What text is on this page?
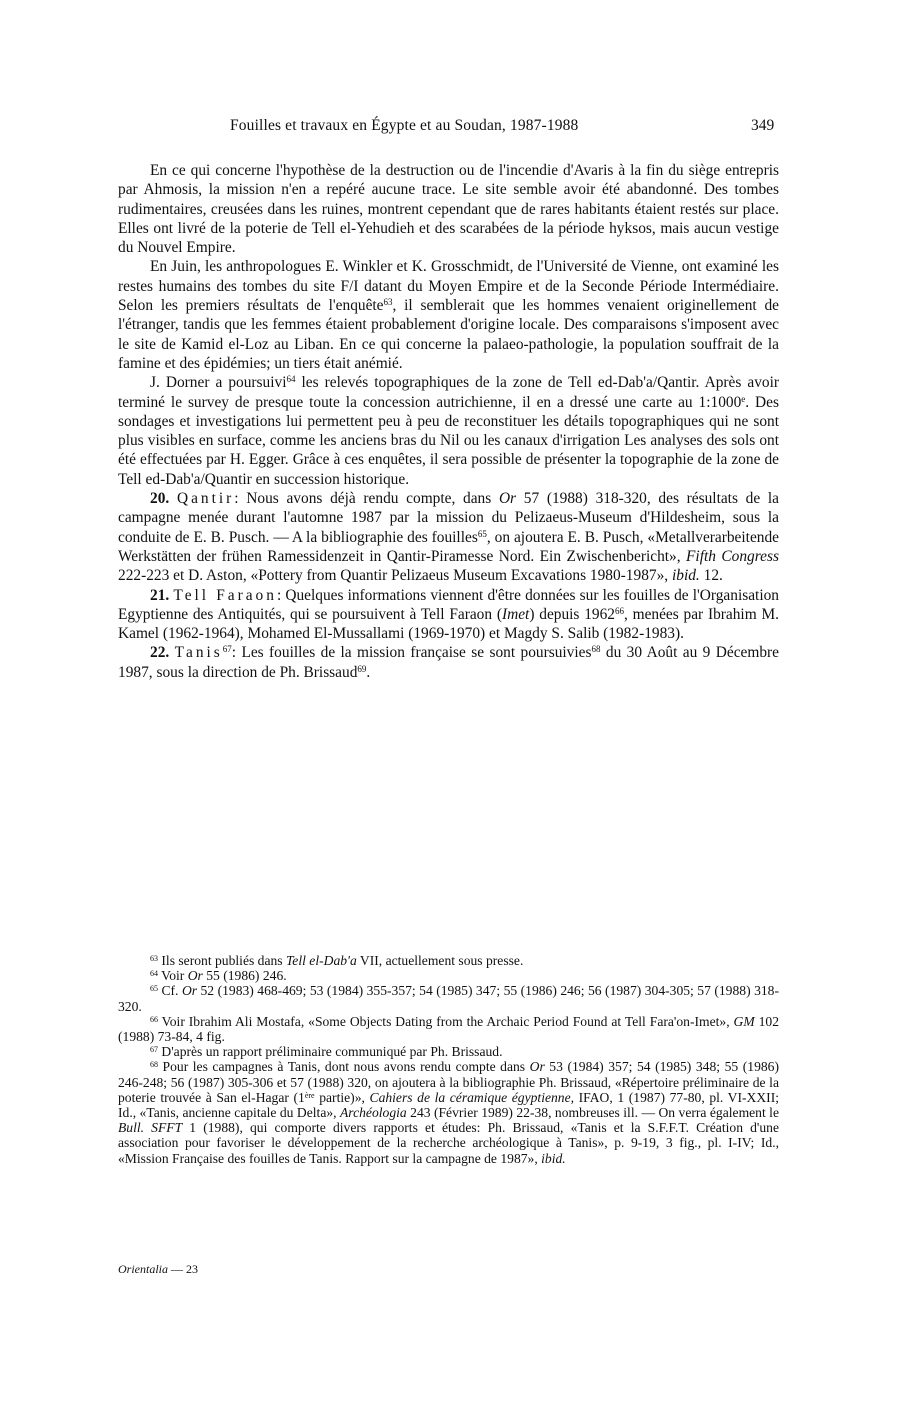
Fouilles et travaux en Égypte et au Soudan, 1987-1988	349

En ce qui concerne l'hypothèse de la destruction ou de l'incendie d'Avaris à la fin du siège entrepris par Ahmosis, la mission n'en a repéré aucune trace. Le site semble avoir été abandonné. Des tombes rudimentaires, creusées dans les ruines, montrent cependant que de rares habitants étaient restés sur place. Elles ont livré de la poterie de Tell el-Yehudieh et des scarabées de la période hyksos, mais aucun vestige du Nouvel Empire.

En Juin, les anthropologues E. Winkler et K. Grosschmidt, de l'Université de Vienne, ont examiné les restes humains des tombes du site F/I datant du Moyen Empire et de la Seconde Période Intermédiaire. Selon les premiers résultats de l'enquête$^{63}$, il semblerait que les hommes venaient originellement de l'étranger, tandis que les femmes étaient probablement d'origine locale. Des comparaisons s'imposent avec le site de Kamid el-Loz au Liban. En ce qui concerne la palaeo-pathologie, la population souffrait de la famine et des épidémies; un tiers était anémié.

J. Dorner a poursuivi$^{64}$ les relevés topographiques de la zone de Tell ed-Dab'a/Qantir. Après avoir terminé le survey de presque toute la concession autrichienne, il en a dressé une carte au 1:1000e. Des sondages et investigations lui permettent peu à peu de reconstituer les détails topographiques qui ne sont plus visibles en surface, comme les anciens bras du Nil ou les canaux d'irrigation Les analyses des sols ont été effectuées par H. Egger. Grâce à ces enquêtes, il sera possible de présenter la topographie de la zone de Tell ed-Dab'a/Quantir en succession historique.

20. Qantir: Nous avons déjà rendu compte, dans Or 57 (1988) 318-320, des résultats de la campagne menée durant l'automne 1987 par la mission du Pelizaeus-Museum d'Hildesheim, sous la conduite de E. B. Pusch. — A la bibliographie des fouilles$^{65}$, on ajoutera E. B. Pusch, «Metallverarbeitende Werkstätten der frühen Ramessidenzeit in Qantir-Piramesse Nord. Ein Zwischenbericht», Fifth Congress 222-223 et D. Aston, «Pottery from Quantir Pelizaeus Museum Excavations 1980-1987», ibid. 12.

21. Tell Faraon: Quelques informations viennent d'être données sur les fouilles de l'Organisation Egyptienne des Antiquités, qui se poursuivent à Tell Faraon (Imet) depuis 1962$^{66}$, menées par Ibrahim M. Kamel (1962-1964), Mohamed El-Mussallami (1969-1970) et Magdy S. Salib (1982-1983).

22. Tanis$^{67}$: Les fouilles de la mission française se sont poursuivies$^{68}$ du 30 Août au 9 Décembre 1987, sous la direction de Ph. Brissaud$^{69}$.

$^{63}$ Ils seront publiés dans Tell el-Dab'a VII, actuellement sous presse.

$^{64}$ Voir Or 55 (1986) 246.

$^{65}$ Cf. Or 52 (1983) 468-469; 53 (1984) 355-357; 54 (1985) 347; 55 (1986) 246; 56 (1987) 304-305; 57 (1988) 318-320.

$^{66}$ Voir Ibrahim Ali Mostafa, «Some Objects Dating from the Archaic Period Found at Tell Fara'on-Imet», GM 102 (1988) 73-84, 4 fig.

$^{67}$ D'après un rapport préliminaire communiqué par Ph. Brissaud.

$^{68}$ Pour les campagnes à Tanis, dont nous avons rendu compte dans Or 53 (1984) 357; 54 (1985) 348; 55 (1986) 246-248; 56 (1987) 305-306 et 57 (1988) 320, on ajoutera à la bibliographie Ph. Brissaud, «Répertoire préliminaire de la poterie trouvée à San el-Hagar (1ère partie)», Cahiers de la céramique égyptienne, IFAO, 1 (1987) 77-80, pl. VI-XXII; Id., «Tanis, ancienne capitale du Delta», Archéologia 243 (Février 1989) 22-38, nombreuses ill. — On verra également le Bull. SFFT 1 (1988), qui comporte divers rapports et études: Ph. Brissaud, «Tanis et la S.F.F.T. Création d'une association pour favoriser le développement de la recherche archéologique à Tanis», p. 9-19, 3 fig., pl. I-IV; Id., «Mission Française des fouilles de Tanis. Rapport sur la campagne de 1987», ibid.

Orientalia — 23
